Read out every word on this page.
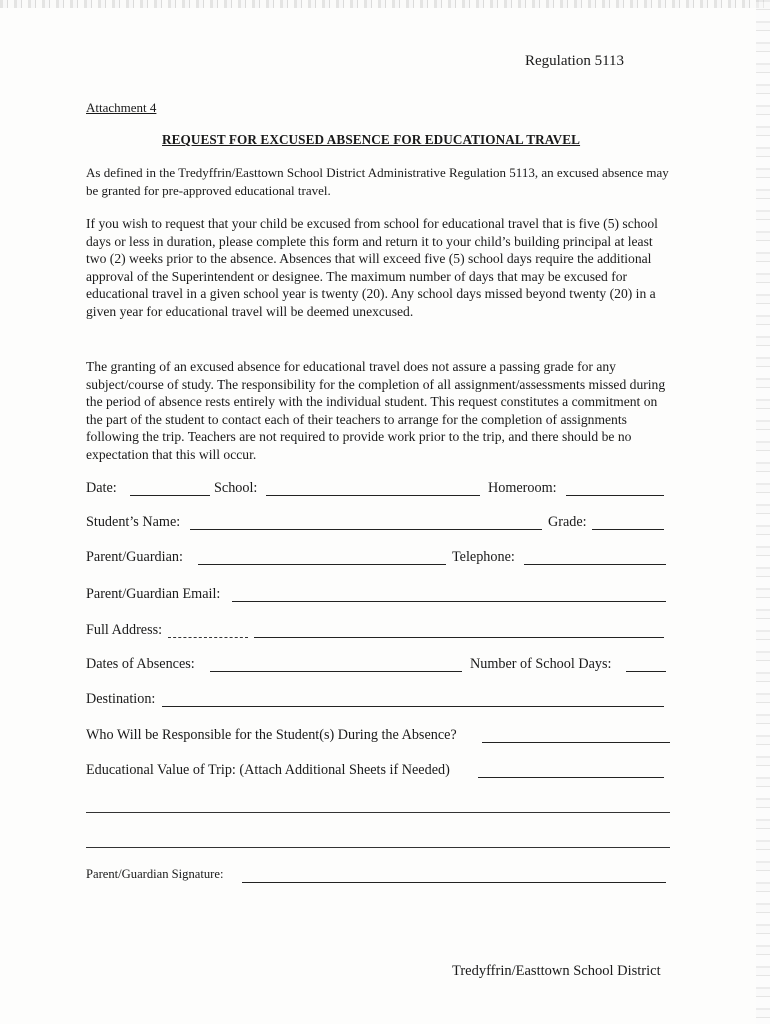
Regulation 5113
Attachment 4
REQUEST FOR EXCUSED ABSENCE FOR EDUCATIONAL TRAVEL
As defined in the Tredyffrin/Easttown School District Administrative Regulation 5113, an excused absence may be granted for pre-approved educational travel.
If you wish to request that your child be excused from school for educational travel that is five (5) school days or less in duration, please complete this form and return it to your child’s building principal at least two (2) weeks prior to the absence. Absences that will exceed five (5) school days require the additional approval of the Superintendent or designee. The maximum number of days that may be excused for educational travel in a given school year is twenty (20). Any school days missed beyond twenty (20) in a given year for educational travel will be deemed unexcused.
The granting of an excused absence for educational travel does not assure a passing grade for any subject/course of study. The responsibility for the completion of all assignment/assessments missed during the period of absence rests entirely with the individual student. This request constitutes a commitment on the part of the student to contact each of their teachers to arrange for the completion of assignments following the trip. Teachers are not required to provide work prior to the trip, and there should be no expectation that this will occur.
Date:	School:	Homeroom:
Student’s Name:	Grade:
Parent/Guardian:	Telephone:
Parent/Guardian Email:
Full Address:
Dates of Absences:	Number of School Days:
Destination:
Who Will be Responsible for the Student(s) During the Absence?
Educational Value of Trip: (Attach Additional Sheets if Needed)
Parent/Guardian Signature:
Tredyffrin/Easttown School District
